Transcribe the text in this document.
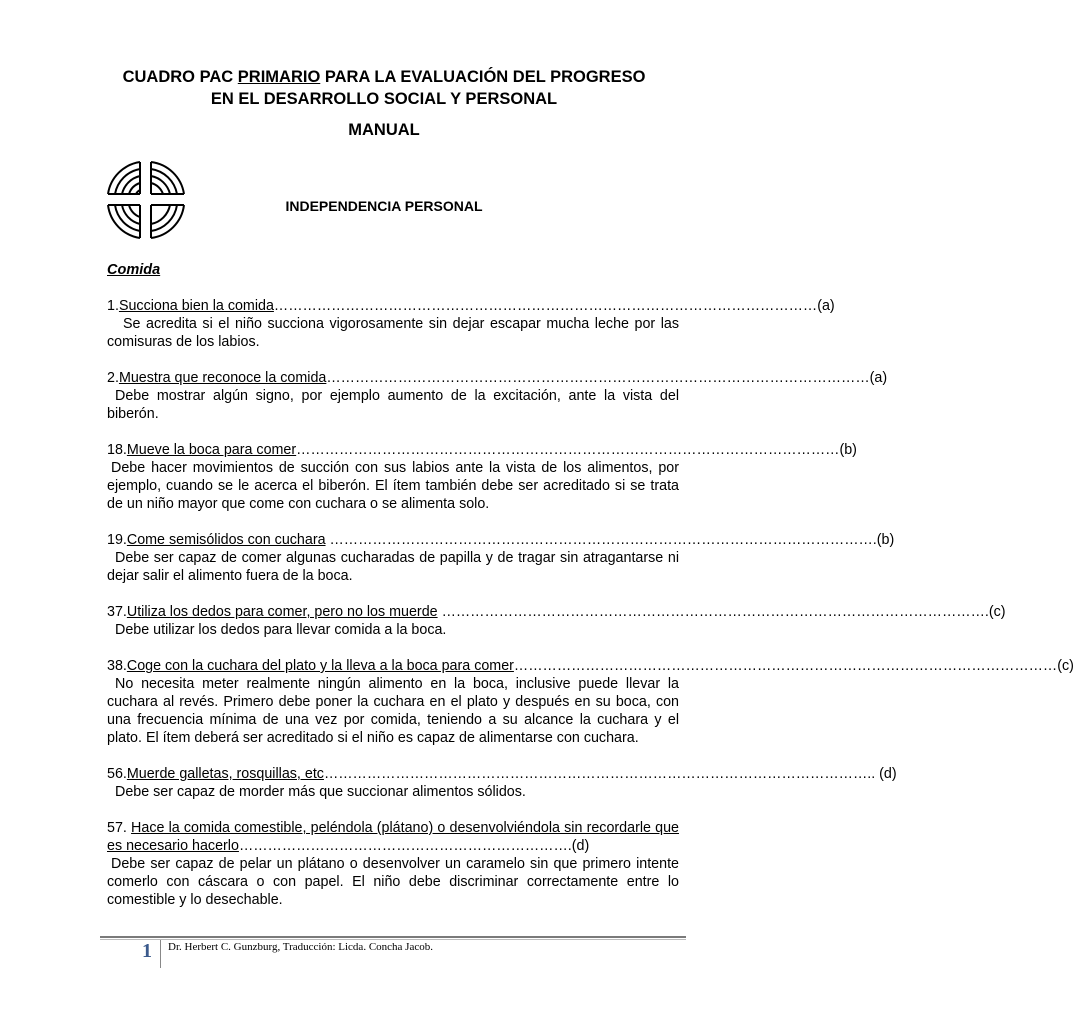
CUADRO PAC PRIMARIO PARA LA EVALUACIÓN DEL PROGRESO
EN EL DESARROLLO SOCIAL Y PERSONAL
MANUAL
INDEPENDENCIA PERSONAL
Comida
1. Succiona bien la comida …………………………………………………………………………………………………… (a)
Se acredita si el niño succiona vigorosamente sin dejar escapar mucha leche por las comisuras de los labios.
2. Muestra que reconoce la comida …………………………………………………………………………………………………… (a)
Debe mostrar algún signo, por ejemplo aumento de la excitación, ante la vista del biberón.
18. Mueve la boca para comer …………………………………………………………………………………………………… (b)
Debe hacer movimientos de succión con sus labios ante la vista de los alimentos, por ejemplo, cuando se le acerca el biberón. El ítem también debe ser acreditado si se trata de un niño mayor que come con cuchara o se alimenta solo.
19. Come semisólidos con cuchara …………………………………………………………………………………………………… .(b)
Debe ser capaz de comer algunas cucharadas de papilla y de tragar sin atragantarse ni dejar salir el alimento fuera de la boca.
37. Utiliza los dedos para comer, pero no los muerde …………………………………………………………………………………………………… .(c)
Debe utilizar los dedos para llevar comida a la boca.
38. Coge con la cuchara del plato y la lleva a la boca para comer …………………………………………………………………………………………………… (c)
No necesita meter realmente ningún alimento en la boca, inclusive puede llevar la cuchara al revés. Primero debe poner la cuchara en el plato y después en su boca, con una frecuencia mínima de una vez por comida, teniendo a su alcance la cuchara y el plato. El ítem deberá ser acreditado si el niño es capaz de alimentarse con cuchara.
56. Muerde galletas, rosquillas, etc …………………………………………………………………………………………………… .. (d)
Debe ser capaz de morder más que succionar alimentos sólidos.
57. Hace la comida comestible, peléndola (plátano) o desenvolviéndola sin recordarle que es necesario hacerlo…………………………………………………………….(d)
Debe ser capaz de pelar un plátano o desenvolver un caramelo sin que primero intente comerlo con cáscara o con papel. El niño debe discriminar correctamente entre lo comestible y lo desechable.
1 Dr. Herbert C. Gunzburg, Traducción: Licda. Concha Jacob.
